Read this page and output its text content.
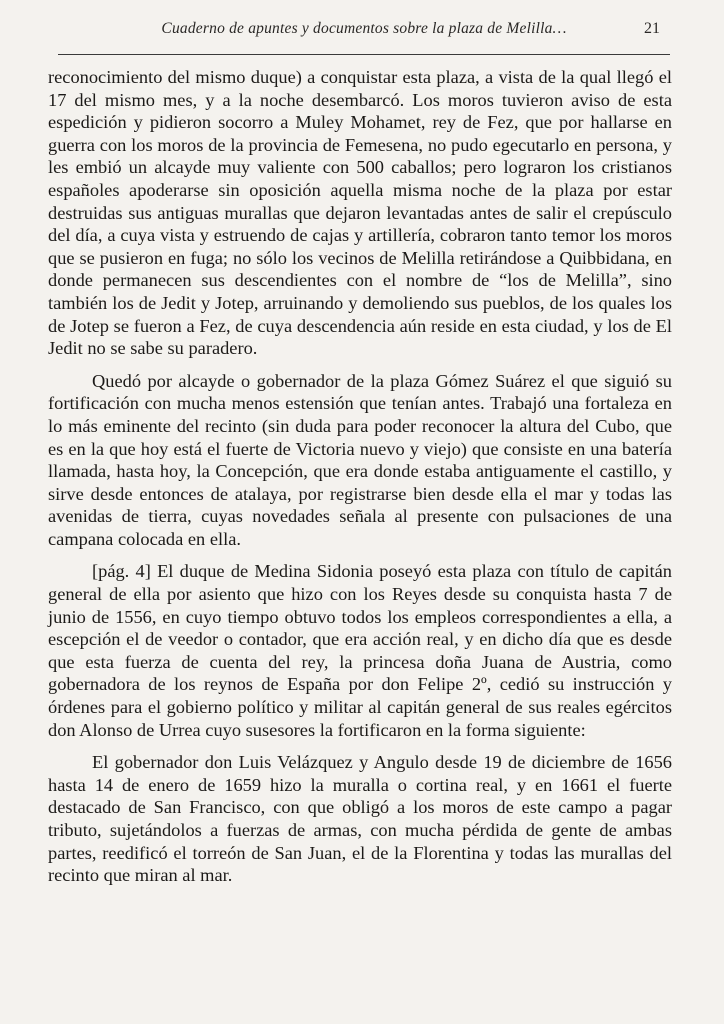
Cuaderno de apuntes y documentos sobre la plaza de Melilla…	21

reconocimiento del mismo duque) a conquistar esta plaza, a vista de la qual llegó el 17 del mismo mes, y a la noche desembarcó. Los moros tuvieron aviso de esta espedición y pidieron socorro a Muley Mohamet, rey de Fez, que por hallarse en guerra con los moros de la provincia de Femesena, no pudo egecutarlo en persona, y les embió un alcayde muy valiente con 500 caballos; pero lograron los cristianos españoles apoderarse sin oposición aquella misma noche de la plaza por estar destruidas sus antiguas murallas que dejaron levantadas antes de salir el crepúsculo del día, a cuya vista y estruendo de cajas y artillería, cobraron tanto temor los moros que se pusieron en fuga; no sólo los vecinos de Melilla retirándose a Quibbidana, en donde permanecen sus descendientes con el nombre de “los de Melilla”, sino también los de Jedit y Jotep, arruinando y demoliendo sus pueblos, de los quales los de Jotep se fueron a Fez, de cuya descendencia aún reside en esta ciudad, y los de El Jedit no se sabe su paradero.

Quedó por alcayde o gobernador de la plaza Gómez Suárez el que siguió su fortificación con mucha menos estensión que tenían antes. Trabajó una fortaleza en lo más eminente del recinto (sin duda para poder reconocer la altura del Cubo, que es en la que hoy está el fuerte de Victoria nuevo y viejo) que consiste en una batería llamada, hasta hoy, la Concepción, que era donde estaba antiguamente el castillo, y sirve desde entonces de atalaya, por registrarse bien desde ella el mar y todas las avenidas de tierra, cuyas novedades señala al presente con pulsaciones de una campana colocada en ella.

[pág. 4] El duque de Medina Sidonia poseyó esta plaza con título de capitán general de ella por asiento que hizo con los Reyes desde su conquista hasta 7 de junio de 1556, en cuyo tiempo obtuvo todos los empleos correspondientes a ella, a escepción el de veedor o contador, que era acción real, y en dicho día que es desde que esta fuerza de cuenta del rey, la princesa doña Juana de Austria, como gobernadora de los reynos de España por don Felipe 2º, cedió su instrucción y órdenes para el gobierno político y militar al capitán general de sus reales egércitos don Alonso de Urrea cuyo susesores la fortificaron en la forma siguiente:

El gobernador don Luis Velázquez y Angulo desde 19 de diciembre de 1656 hasta 14 de enero de 1659 hizo la muralla o cortina real, y en 1661 el fuerte destacado de San Francisco, con que obligó a los moros de este campo a pagar tributo, sujetándolos a fuerzas de armas, con mucha pérdida de gente de ambas partes, reedificó el torreón de San Juan, el de la Florentina y todas las murallas del recinto que miran al mar.
